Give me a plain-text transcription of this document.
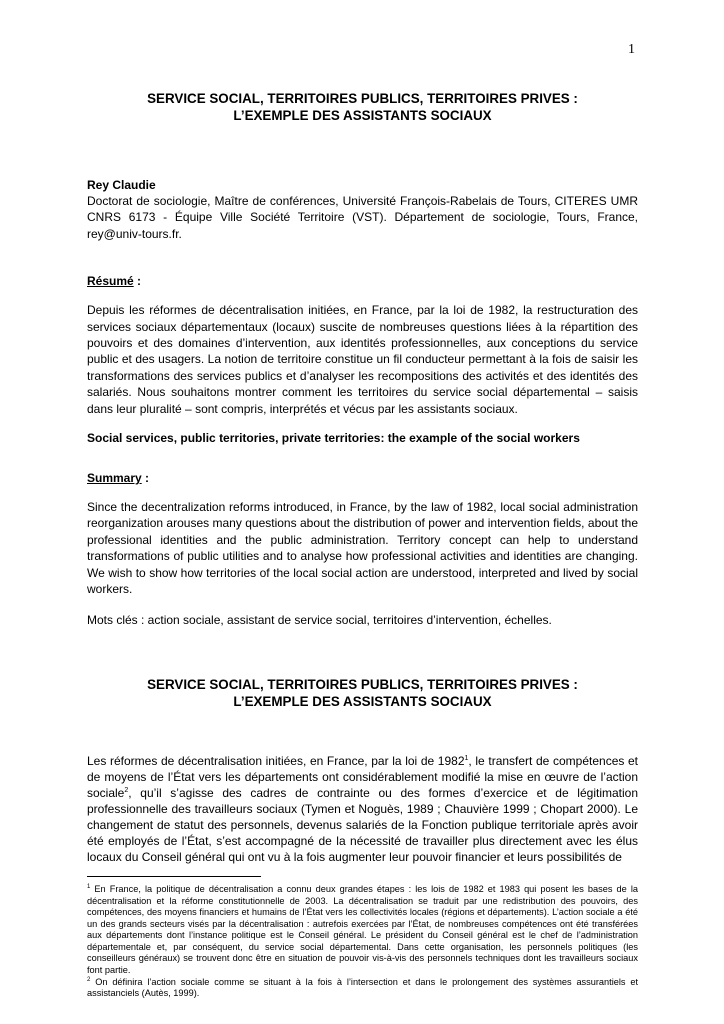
1
SERVICE SOCIAL, TERRITOIRES PUBLICS, TERRITOIRES PRIVES :
L’EXEMPLE DES ASSISTANTS SOCIAUX
Rey Claudie

Doctorat de sociologie, Maître de conférences, Université François-Rabelais de Tours, CITERES UMR CNRS 6173 - Équipe Ville Société Territoire (VST). Département de sociologie, Tours, France, rey@univ-tours.fr.

Résumé :

Depuis les réformes de décentralisation initiées, en France, par la loi de 1982, la restructuration des services sociaux départementaux (locaux) suscite de nombreuses questions liées à la répartition des pouvoirs et des domaines d’intervention, aux identités professionnelles, aux conceptions du service public et des usagers. La notion de territoire constitue un fil conducteur permettant à la fois de saisir les transformations des services publics et d’analyser les recompositions des activités et des identités des salariés. Nous souhaitons montrer comment les territoires du service social départemental – saisis dans leur pluralité – sont compris, interprétés et vécus par les assistants sociaux.

Social services, public territories, private territories: the example of the social workers
Summary :

Since the decentralization reforms introduced, in France, by the law of 1982, local social administration reorganization arouses many questions about the distribution of power and intervention fields, about the professional identities and the public administration. Territory concept can help to understand transformations of public utilities and to analyse how professional activities and identities are changing. We wish to show how territories of the local social action are understood, interpreted and lived by social workers.

Mots clés : action sociale, assistant de service social, territoires d’intervention, échelles.

SERVICE SOCIAL, TERRITOIRES PUBLICS, TERRITOIRES PRIVES :
L’EXEMPLE DES ASSISTANTS SOCIAUX

Les réformes de décentralisation initiées, en France, par la loi de 1982$^1$, le transfert de compétences et de moyens de l’État vers les départements ont considérablement modifié la mise en œuvre de l’action sociale$^2$, qu’il s’agisse des cadres de contrainte ou des formes d’exercice et de légitimation professionnelle des travailleurs sociaux (Tymen et Noguès, 1989 ; Chauvière 1999 ; Chopart 2000). Le changement de statut des personnels, devenus salariés de la Fonction publique territoriale après avoir été employés de l’État, s’est accompagné de la nécessité de travailler plus directement avec les élus locaux du Conseil général qui ont vu à la fois augmenter leur pouvoir financier et leurs possibilités de

$^1$ En France, la politique de décentralisation a connu deux grandes étapes : les lois de 1982 et 1983 qui posent les bases de la décentralisation et la réforme constitutionnelle de 2003. La décentralisation se traduit par une redistribution des pouvoirs, des compétences, des moyens financiers et humains de l’État vers les collectivités locales (régions et départements). L’action sociale a été un des grands secteurs visés par la décentralisation : autrefois exercées par l’État, de nombreuses compétences ont été transférées aux départements dont l’instance politique est le Conseil général. Le président du Conseil général est le chef de l’administration départementale et, par conséquent, du service social départemental. Dans cette organisation, les personnels politiques (les conseilleurs généraux) se trouvent donc être en situation de pouvoir vis-à-vis des personnels techniques dont les travailleurs sociaux font partie.

$^2$ On définira l’action sociale comme se situant à la fois à l’intersection et dans le prolongement des systèmes assurantiels et assistanciels (Autès, 1999).
